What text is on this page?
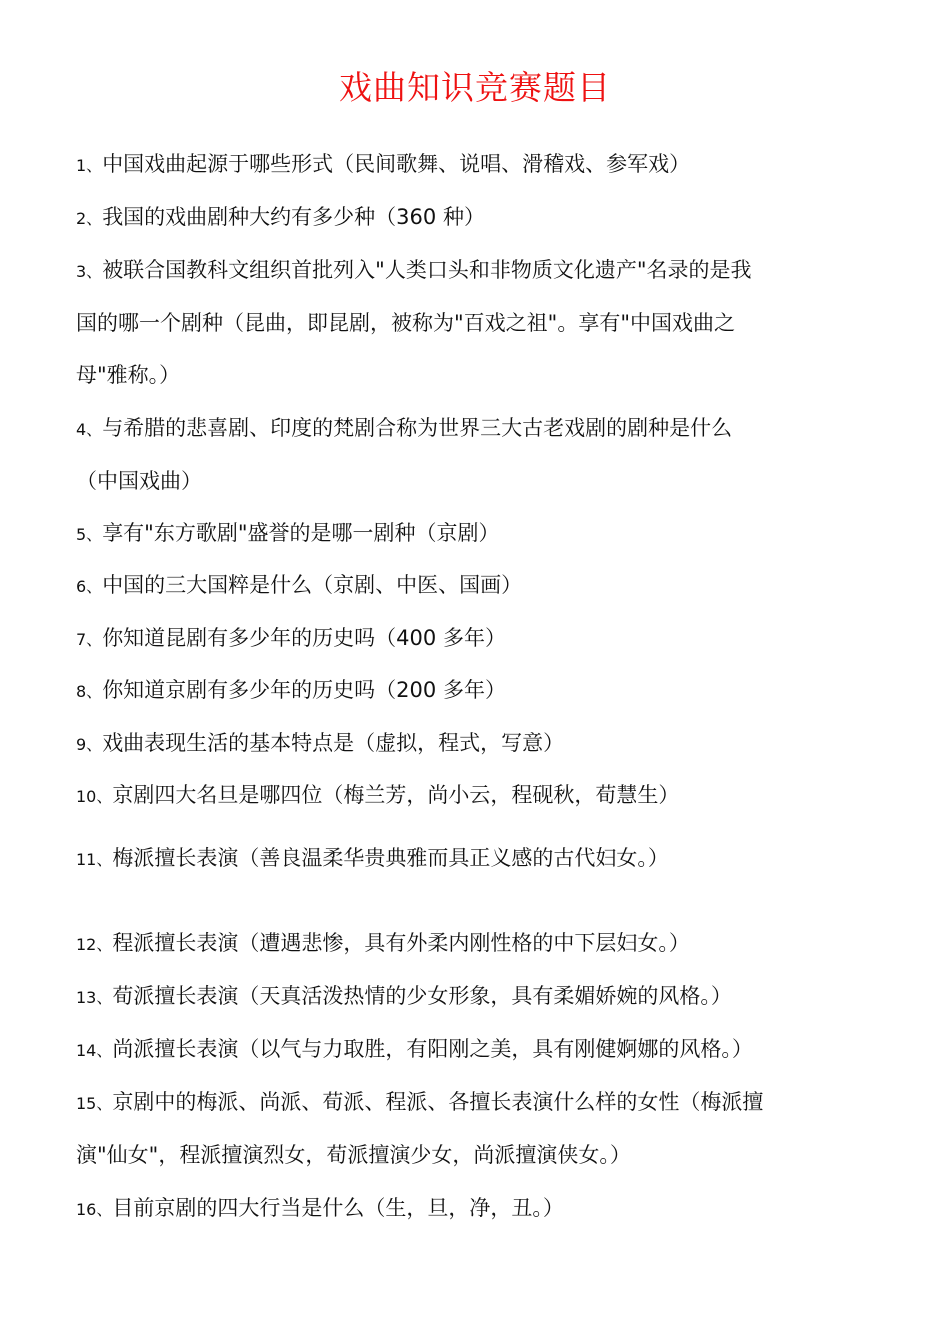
戏曲知识竞赛题目
1、中国戏曲起源于哪些形式（民间歌舞、说唱、滑稽戏、参军戏）
2、我国的戏曲剧种大约有多少种（360 种）
3、被联合国教科文组织首批列入"人类口头和非物质文化遗产"名录的是我
国的哪一个剧种（昆曲，即昆剧，被称为"百戏之祖"。享有"中国戏曲之
母"雅称。）
4、与希腊的悲喜剧、印度的梵剧合称为世界三大古老戏剧的剧种是什么
（中国戏曲）
5、享有"东方歌剧"盛誉的是哪一剧种（京剧）
6、中国的三大国粹是什么（京剧、中医、国画）
7、你知道昆剧有多少年的历史吗（400 多年）
8、你知道京剧有多少年的历史吗（200 多年）
9、戏曲表现生活的基本特点是（虚拟，程式，写意）
10、京剧四大名旦是哪四位（梅兰芳，尚小云，程砚秋，荀慧生）
11、梅派擅长表演（善良温柔华贵典雅而具正义感的古代妇女。）
12、程派擅长表演（遭遇悲惨，具有外柔内刚性格的中下层妇女。）
13、荀派擅长表演（天真活泼热情的少女形象，具有柔媚娇婉的风格。）
14、尚派擅长表演（以气与力取胜，有阳刚之美，具有刚健婀娜的风格。）
15、京剧中的梅派、尚派、荀派、程派、各擅长表演什么样的女性（梅派擅
演"仙女"，程派擅演烈女，荀派擅演少女，尚派擅演侠女。）
16、目前京剧的四大行当是什么（生，旦，净，丑。）
